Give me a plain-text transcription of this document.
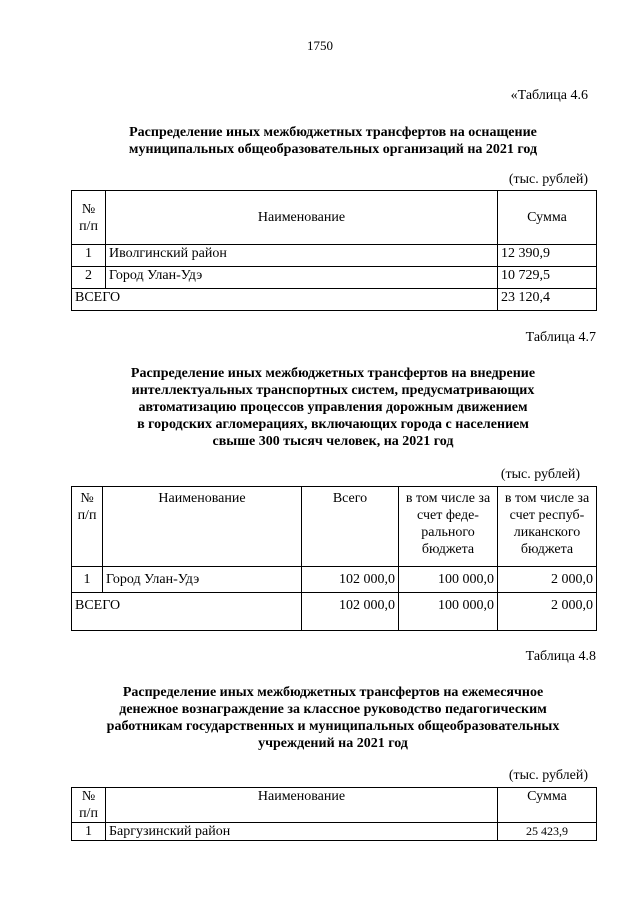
1750
«Таблица 4.6
Распределение иных межбюджетных трансфертов на оснащение
муниципальных общеобразовательных организаций на 2021 год
(тыс. рублей)
№ п/п	Наименование	Сумма
1	Иволгинский район	12 390,9
2	Город Улан-Удэ	10 729,5
ВСЕГО		23 120,4
Таблица 4.7
Распределение иных межбюджетных трансфертов на внедрение
интеллектуальных транспортных систем, предусматривающих
автоматизацию процессов управления дорожным движением
в городских агломерациях, включающих города с населением
свыше 300 тысяч человек, на 2021 год
(тыс. рублей)
№ п/п	Наименование	Всего	в том числе за счет феде-рального бюджета	в том числе за счет респуб-ликанского бюджета
1	Город Улан-Удэ	102 000,0	100 000,0	2 000,0
ВСЕГО		102 000,0	100 000,0	2 000,0
Таблица 4.8
Распределение иных межбюджетных трансфертов на ежемесячное
денежное вознаграждение за классное руководство педагогическим
работникам государственных и муниципальных общеобразовательных
учреждений на 2021 год
(тыс. рублей)
№ п/п	Наименование	Сумма
1	Баргузинский район	25 423,9
